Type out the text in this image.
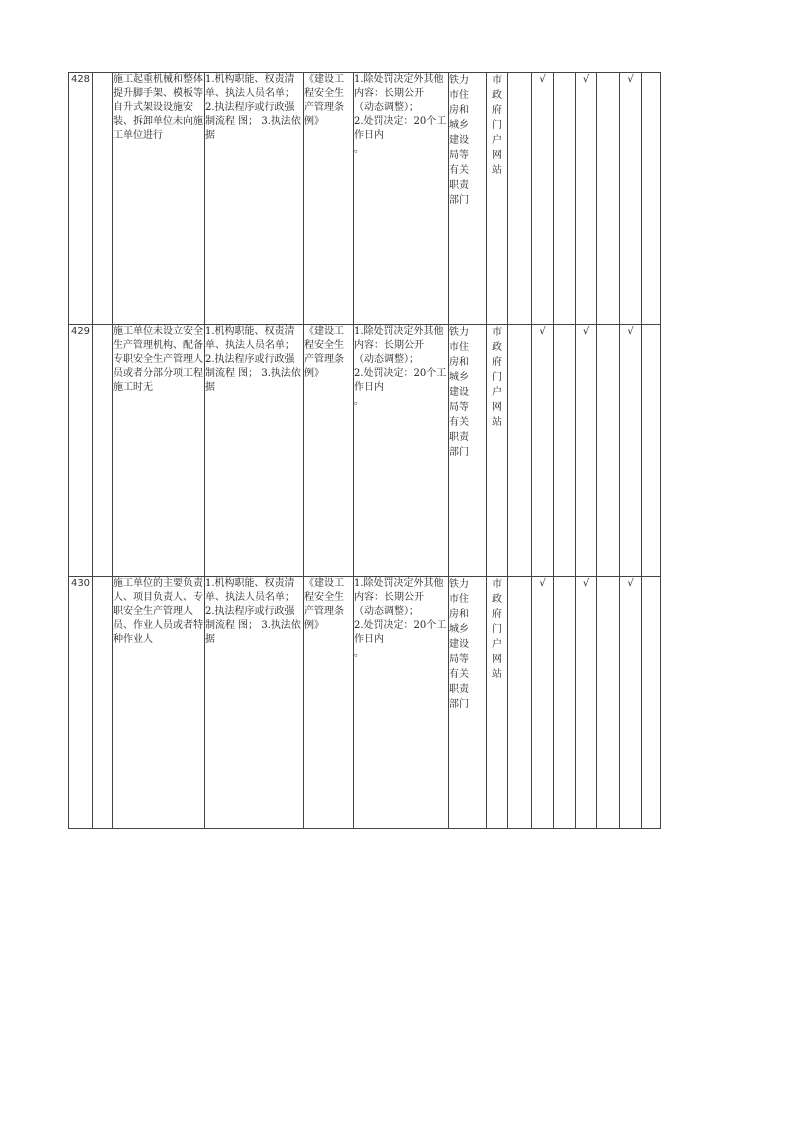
428		施工起重机械和整体提升脚手架、模板等自升式架设设施安装、拆卸单位未向施工单位进行	1.机构职能、权责清单、执法人员名单； 2.执法程序或行政强制流程 图； 3.执法依据	《建设工程安全生产管理条例》	1.除处罚决定外其他内容：长期公开
（动态调整）；
2.处罚决定：20个工作日内
。	铁力市住房和城乡建设局等有关职责部门	市政府门户网站		√		√		√	
429		施工单位未设立安全生产管理机构、配备专职安全生产管理人员或者分部分项工程施工时无	1.机构职能、权责清单、执法人员名单； 2.执法程序或行政强制流程 图； 3.执法依据	《建设工程安全生产管理条例》	1.除处罚决定外其他内容：长期公开
（动态调整）；
2.处罚决定：20个工作日内
。	铁力市住房和城乡建设局等有关职责部门	市政府门户网站		√		√		√	
430		施工单位的主要负责人、项目负责人、专职安全生产管理人员、作业人员或者特种作业人	1.机构职能、权责清单、执法人员名单； 2.执法程序或行政强制流程 图； 3.执法依据	《建设工程安全生产管理条例》	1.除处罚决定外其他内容：长期公开
（动态调整）；
2.处罚决定：20个工作日内
。	铁力市住房和城乡建设局等有关职责部门	市政府门户网站		√		√		√	
